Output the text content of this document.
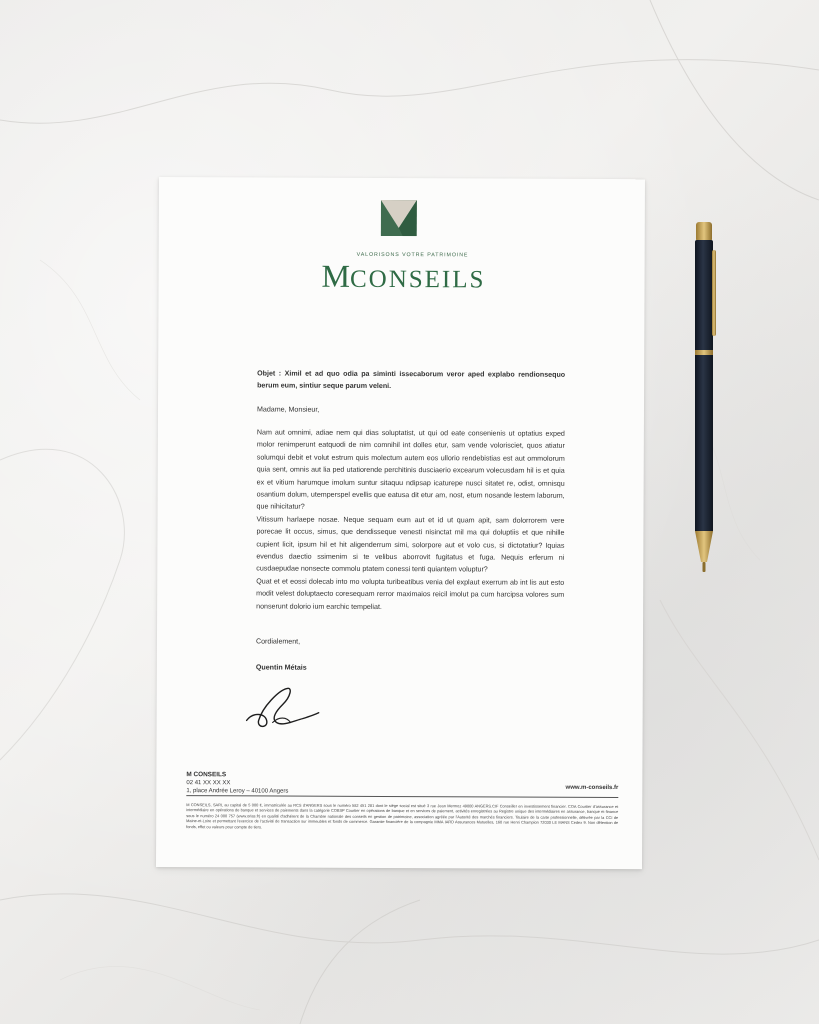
VALORISONS VOTRE PATRIMOINE
MCONSEILS
Objet : Ximil et ad quo odia pa siminti issecaborum veror aped explabo rendionsequo berum eum, sintiur seque parum veleni.
Madame, Monsieur,
Nam aut omnimi, adiae nem qui dias soluptatist, ut qui od eate consenienis ut optatius exped molor renimperunt eatquodi de nim comnihil int dolles etur, sam vende volorisciet, quos atiatur solumqui debit et volut estrum quis molectum autem eos ullorio rendebistias est aut ommolorum quia sent, omnis aut lia ped utatiorende perchitinis dusciaerio excearum volecusdam hil is et quia ex et vitium harumque imolum suntur sitaquu ndipsap icaturepe nusci sitatet re, odist, omnisqu osantium dolum, utemperspel evellis que eatusa dit etur am, nost, etum nosande lestem laborum, que nihicitatur?
Vitissum harlaepe nosae. Neque sequam eum aut et id ut quam apit, sam dolorrorem vere porecae lit occus, simus, que dendisseque venesti nisinctat mil ma qui doluptiis et que nihille cupient licit, ipsum hil et hit aligenderrum simi, solorpore aut et volo cus, si dictotatiur? Iquias evendus daectio ssimenim si te velibus aborrovit fugitatus et fuga. Nequis erferum ni cusdaepudae nonsecte commolu ptatem conessi tenti quiantem voluptur?
Quat et et eossi dolecab into mo volupta turibeatibus venia del explaut exerrum ab int lis aut esto modit velest doluptaecto coresequam rerror maximaios reicil imolut pa cum harcipsa volores sum nonserunt dolorio ium earchic tempeliat.
Cordialement,
Quentin Métais
M CONSEILS
02 41 XX XX XX
1, place Andrée Leroy – 40100 Angers
www.m-conseils.fr
M CONSEILS, SARL au capital de 5 000 €, immatriculée au RCS d'ANGERS sous le numéro 582 451 281 dont le siège social est situé 3 rue Jean Mermoz 49000 ANGERS.CIF Conseiller en investissement financier. COA Courtier d'assurance et intermédiaire en opérations de banque et services de paiements dans la catégorie COBSP Courtier en opérations de banque et en services de paiement, activités enregistrées au Registre unique des intermédiaires en assurance, banque et finance sous le numéro 24 000 757 (www.orias.fr) en qualité d'adhérent de la Chambre nationale des conseils en gestion de patrimoine, association agréée par l'Autorité des marchés financiers. Titulaire de la carte professionnelle, délivrée par la CCI de Maine-et-Loire et permettant l'exercice de l'activité de transaction sur immeubles et fonds de commerce. Garantie financière de la compagnie MMA IARD Assurances Mutuelles, 160 rue Henri Champion 72030 LE MANS Cedex 9. Non détention de fonds, effet ou valeurs pour compte de tiers.
